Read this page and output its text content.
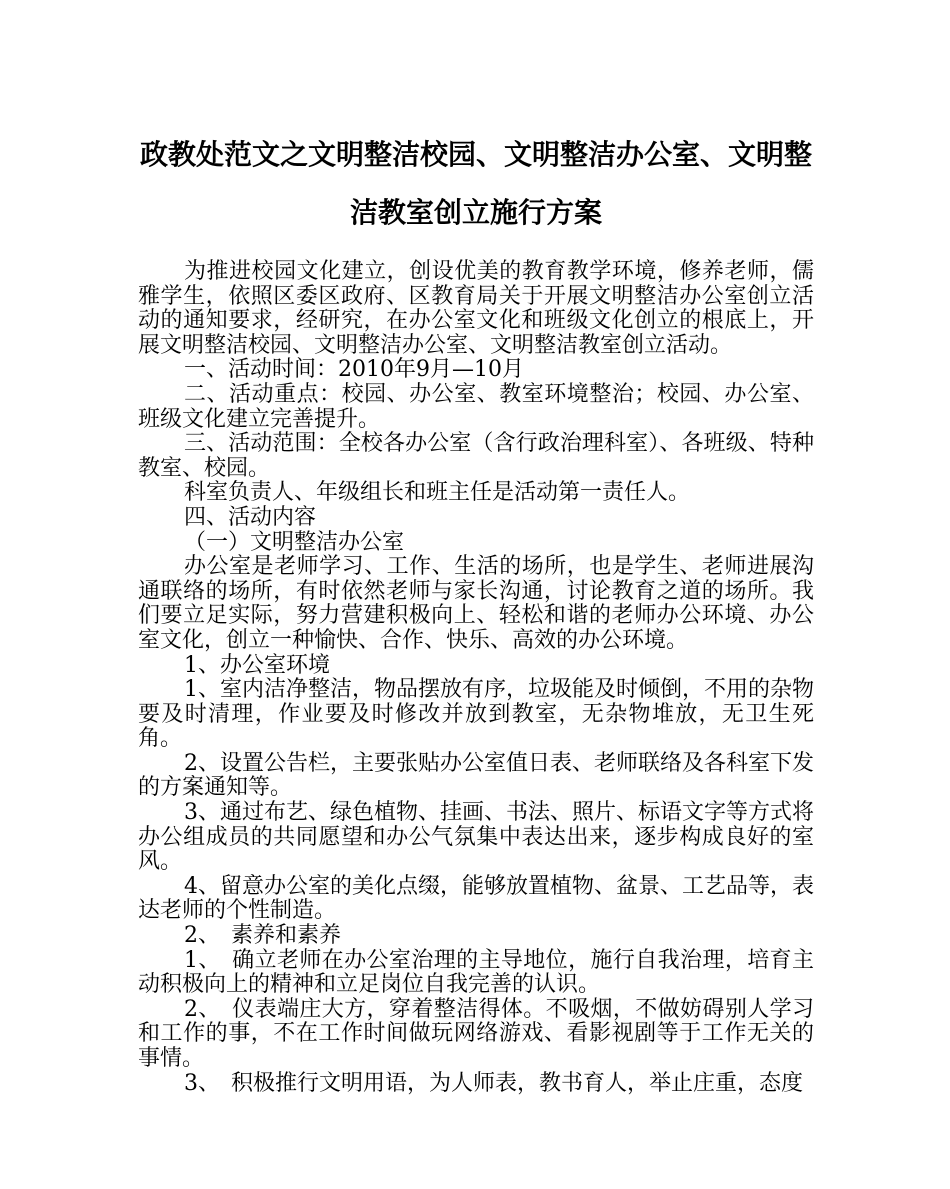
政教处范文之文明整洁校园、文明整洁办公室、文明整
洁教室创立施行方案

为推进校园文化建立，创设优美的教育教学环境，修养老师，儒雅学生，依照区委区政府、区教育局关于开展文明整洁办公室创立活动的通知要求，经研究，在办公室文化和班级文化创立的根底上，开展文明整洁校园、文明整洁办公室、文明整洁教室创立活动。

一、活动时间：2010年9月—10月

二、活动重点：校园、办公室、教室环境整治；校园、办公室、班级文化建立完善提升。

三、活动范围：全校各办公室（含行政治理科室）、各班级、特种教室、校园。

科室负责人、年级组长和班主任是活动第一责任人。

四、活动内容

（一）文明整洁办公室

办公室是老师学习、工作、生活的场所，也是学生、老师进展沟通联络的场所，有时依然老师与家长沟通，讨论教育之道的场所。我们要立足实际，努力营建积极向上、轻松和谐的老师办公环境、办公室文化，创立一种愉快、合作、快乐、高效的办公环境。

1、办公室环境

1、室内洁净整洁，物品摆放有序，垃圾能及时倾倒，不用的杂物要及时清理，作业要及时修改并放到教室，无杂物堆放，无卫生死角。

2、设置公告栏，主要张贴办公室值日表、老师联络及各科室下发的方案通知等。

3、通过布艺、绿色植物、挂画、书法、照片、标语文字等方式将办公组成员的共同愿望和办公气氛集中表达出来，逐步构成良好的室风。

4、留意办公室的美化点缀，能够放置植物、盆景、工艺品等，表达老师的个性制造。

2、　素养和素养

1、　确立老师在办公室治理的主导地位，施行自我治理，培育主动积极向上的精神和立足岗位自我完善的认识。

2、　仪表端庄大方，穿着整洁得体。不吸烟，不做妨碍别人学习和工作的事，不在工作时间做玩网络游戏、看影视剧等于工作无关的事情。

3、　积极推行文明用语，为人师表，教书育人，举止庄重，态度
